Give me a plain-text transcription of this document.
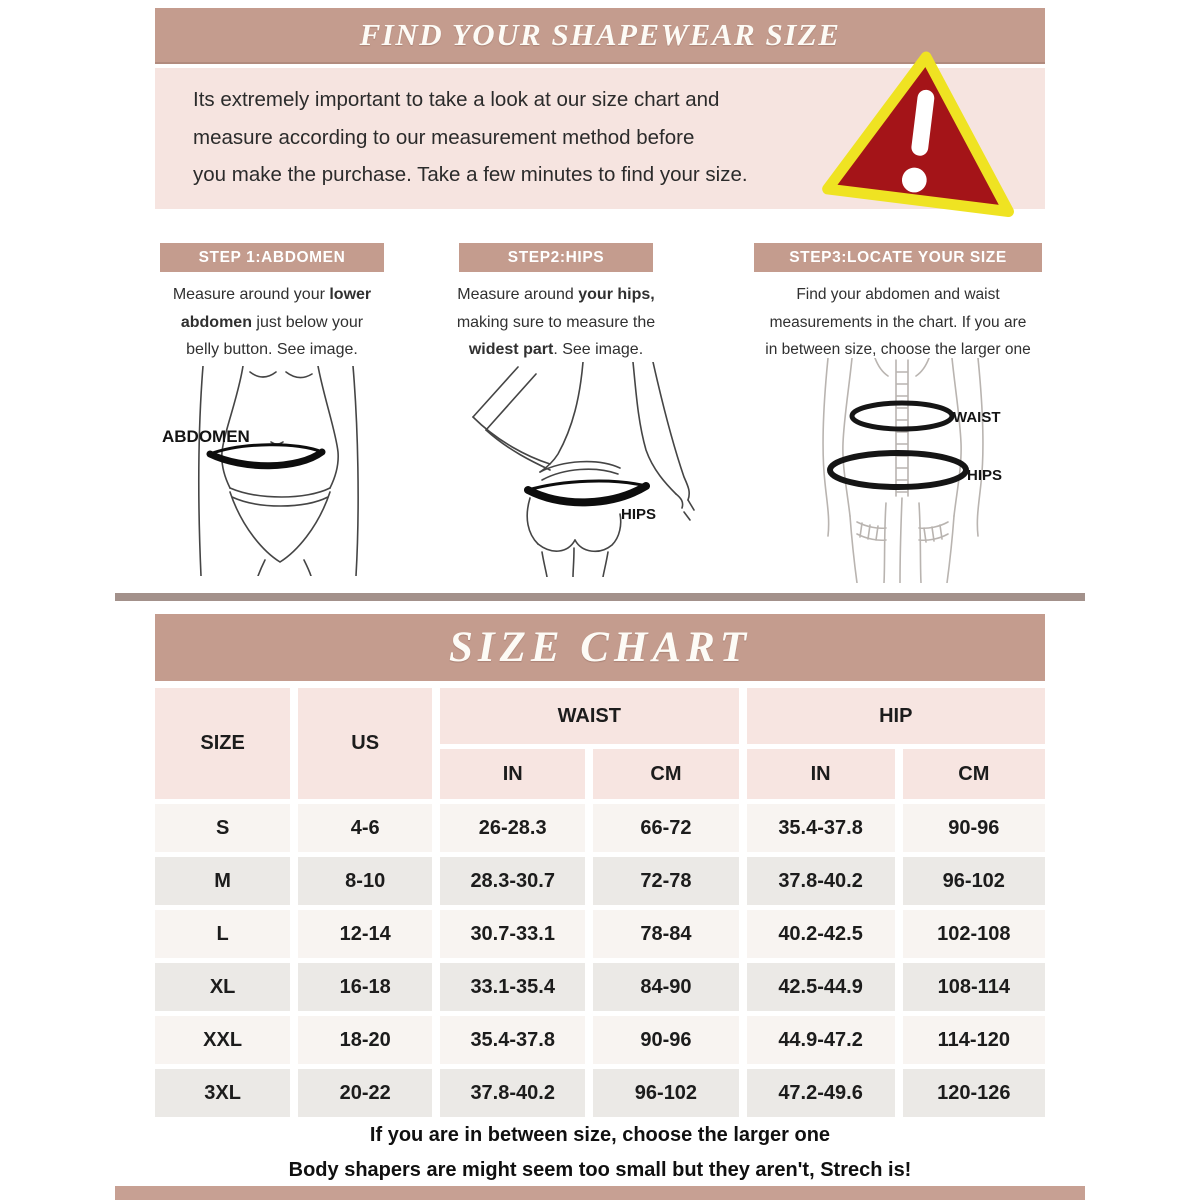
FIND YOUR SHAPEWEAR SIZE
Its extremely important to take a look at our size chart and
measure according to our measurement method before
you make the purchase. Take a few minutes to find your size.
STEP 1:ABDOMEN	STEP2:HIPS	STEP3:LOCATE YOUR SIZE
Measure around your lower
abdomen just below your
belly button. See image.
Measure around your hips,
making sure to measure the
widest part. See image.
Find your abdomen and waist
measurements in the chart. If you are
in between size, choose the larger one
ABDOMEN
HIPS
WAIST
HIPS
SIZE CHART
SIZE	US
WAIST	HIP
IN	CM	IN	CM
S	4-6	26-28.3	66-72	35.4-37.8	90-96
M	8-10	28.3-30.7	72-78	37.8-40.2	96-102
L	12-14	30.7-33.1	78-84	40.2-42.5	102-108
XL	16-18	33.1-35.4	84-90	42.5-44.9	108-114
XXL	18-20	35.4-37.8	90-96	44.9-47.2	114-120
3XL	20-22	37.8-40.2	96-102	47.2-49.6	120-126
If you are in between size, choose the larger one
Body shapers are might seem too small but they aren't, Strech is!
